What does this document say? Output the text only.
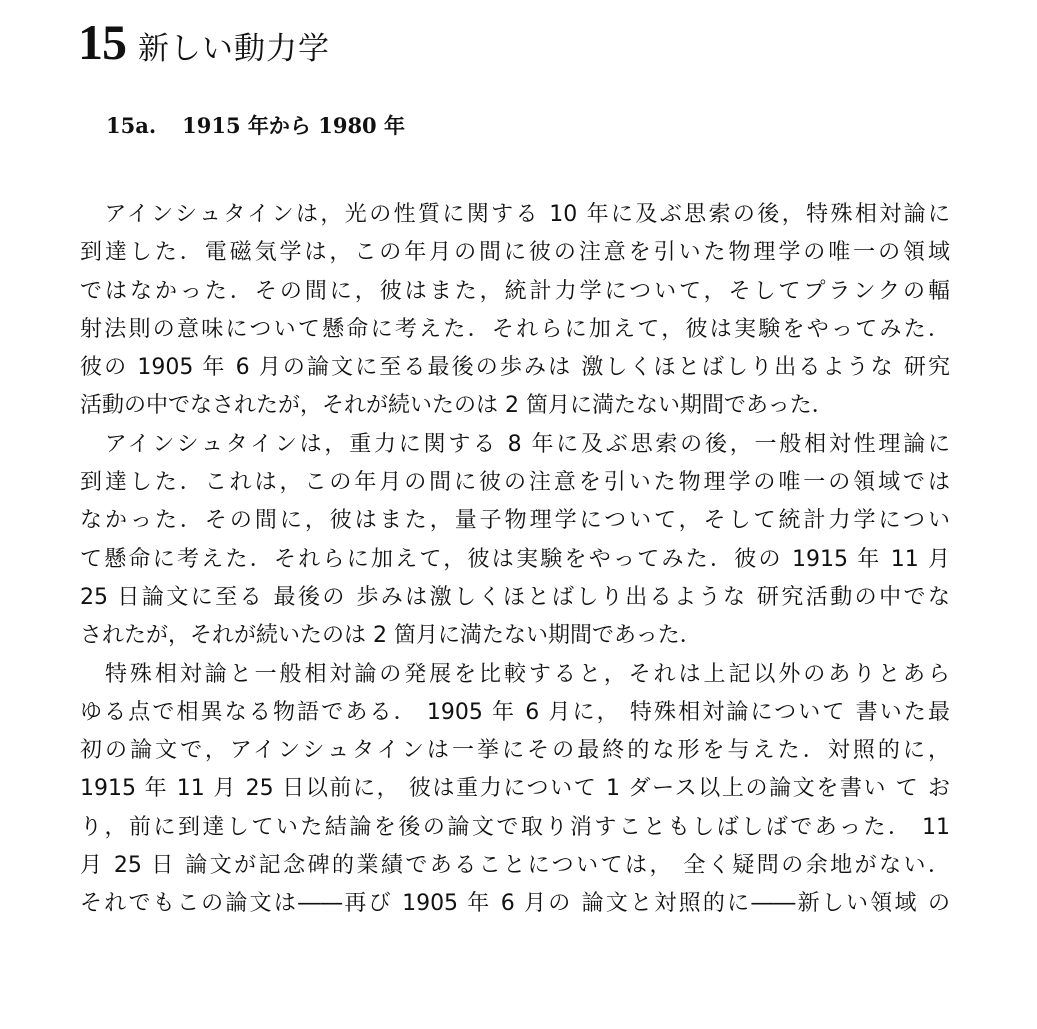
15 新しい動力学
15a. 1915 年から 1980 年
　アインシュタインは，光の性質に関する 10 年に及ぶ思索の後，特殊相対論に
到達した．電磁気学は，この年月の間に彼の注意を引いた物理学の唯一の領域
ではなかった．その間に，彼はまた，統計力学について，そしてプランクの輻
射法則の意味について懸命に考えた．それらに加えて，彼は実験をやってみた．
彼の 1905 年 6 月の論文に至る最後の歩みは 激しくほとばしり出るような 研究
活動の中でなされたが，それが続いたのは 2 箇月に満たない期間であった．
　アインシュタインは，重力に関する 8 年に及ぶ思索の後，一般相対性理論に
到達した．これは，この年月の間に彼の注意を引いた物理学の唯一の領域では
なかった．その間に，彼はまた，量子物理学について，そして統計力学につい
て懸命に考えた．それらに加えて，彼は実験をやってみた．彼の 1915 年 11 月
25 日論文に至る 最後の 歩みは激しくほとばしり出るような 研究活動の中でな
されたが，それが続いたのは 2 箇月に満たない期間であった．
　特殊相対論と一般相対論の発展を比較すると，それは上記以外のありとあら
ゆる点で相異なる物語である． 1905 年 6 月に， 特殊相対論について 書いた最
初の論文で，アインシュタインは一挙にその最終的な形を与えた．対照的に，
1915 年 11 月 25 日以前に， 彼は重力について 1 ダース以上の論文を書い て お
り，前に到達していた結論を後の論文で取り消すこともしばしばであった． 11
月 25 日 論文が記念碑的業績であることについては， 全く疑問の余地がない．
それでもこの論文は――再び 1905 年 6 月の 論文と対照的に――新しい領域 の
